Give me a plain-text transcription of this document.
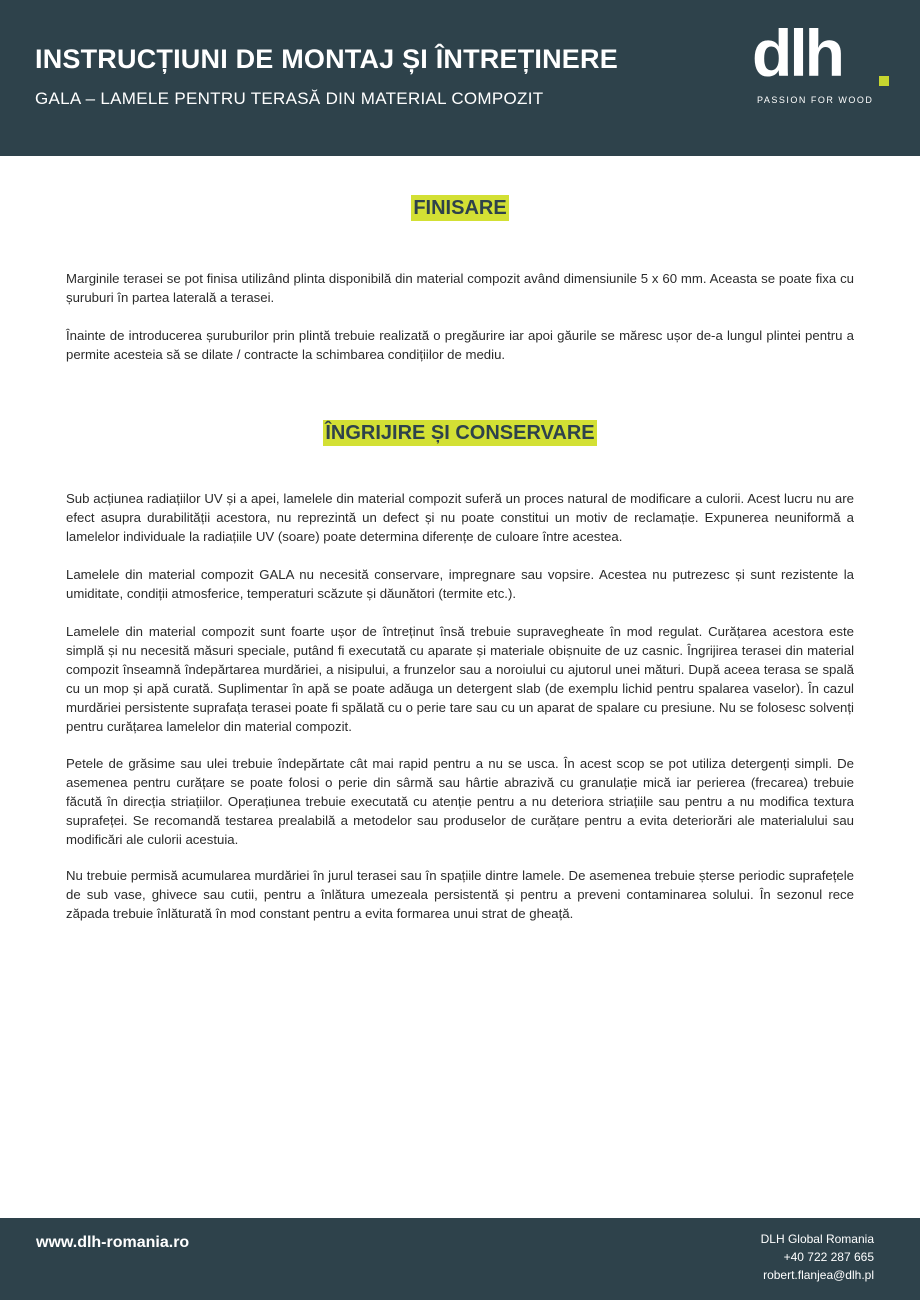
INSTRUCȚIUNI DE MONTAJ ȘI ÎNTREȚINERE
GALA – LAMELE PENTRU TERASĂ DIN MATERIAL COMPOZIT
dlh
PASSION FOR WOOD
FINISARE

Marginile terasei se pot finisa utilizând plinta disponibilă din material compozit având dimensiunile 5 x 60 mm. Aceasta se poate fixa cu șuruburi în partea laterală a terasei.

Înainte de introducerea șuruburilor prin plintă trebuie realizată o pregăurire iar apoi găurile se măresc ușor de-a lungul plintei pentru a permite acesteia să se dilate / contracte la schimbarea condițiilor de mediu.

ÎNGRIJIRE ȘI CONSERVARE

Sub acțiunea radiațiilor UV și a apei, lamelele din material compozit suferă un proces natural de modificare a culorii. Acest lucru nu are efect asupra durabilității acestora, nu reprezintă un defect și nu poate constitui un motiv de reclamație. Expunerea neuniformă a lamelelor individuale la radiațiile UV (soare) poate determina diferențe de culoare între acestea.

Lamelele din material compozit GALA nu necesită conservare, impregnare sau vopsire. Acestea nu putrezesc și sunt rezistente la umiditate, condiții atmosferice, temperaturi scăzute și dăunători (termite etc.).

Lamelele din material compozit sunt foarte ușor de întreținut însă trebuie supravegheate în mod regulat. Curățarea acestora este simplă și nu necesită măsuri speciale, putând fi executată cu aparate și materiale obișnuite de uz casnic. Îngrijirea terasei din material compozit înseamnă îndepărtarea murdăriei, a nisipului, a frunzelor sau a noroiului cu ajutorul unei mături. După aceea terasa se spală cu un mop și apă curată. Suplimentar în apă se poate adăuga un detergent slab (de exemplu lichid pentru spalarea vaselor). În cazul murdăriei persistente suprafața terasei poate fi spălată cu o perie tare sau cu un aparat de spalare cu presiune. Nu se folosesc solvenți pentru curățarea lamelelor din material compozit.

Petele de grăsime sau ulei trebuie îndepărtate cât mai rapid pentru a nu se usca. În acest scop se pot utiliza detergenți simpli. De asemenea pentru curățare se poate folosi o perie din sârmă sau hârtie abrazivă cu granulație mică iar perierea (frecarea) trebuie făcută în direcția striațiilor. Operațiunea trebuie executată cu atenție pentru a nu deteriora striațiile sau pentru a nu modifica textura suprafeței. Se recomandă testarea prealabilă a metodelor sau produselor de curățare pentru a evita deteriorări ale materialului sau modificări ale culorii acestuia.

Nu trebuie permisă acumularea murdăriei în jurul terasei sau în spațiile dintre lamele. De asemenea trebuie șterse periodic suprafețele de sub vase, ghivece sau cutii, pentru a înlătura umezeala persistentă și pentru a preveni contaminarea solului. În sezonul rece zăpada trebuie înlăturată în mod constant pentru a evita formarea unui strat de gheață.

www.dlh-romania.ro	DLH Global Romania
+40 722 287 665
robert.flanjea@dlh.pl
